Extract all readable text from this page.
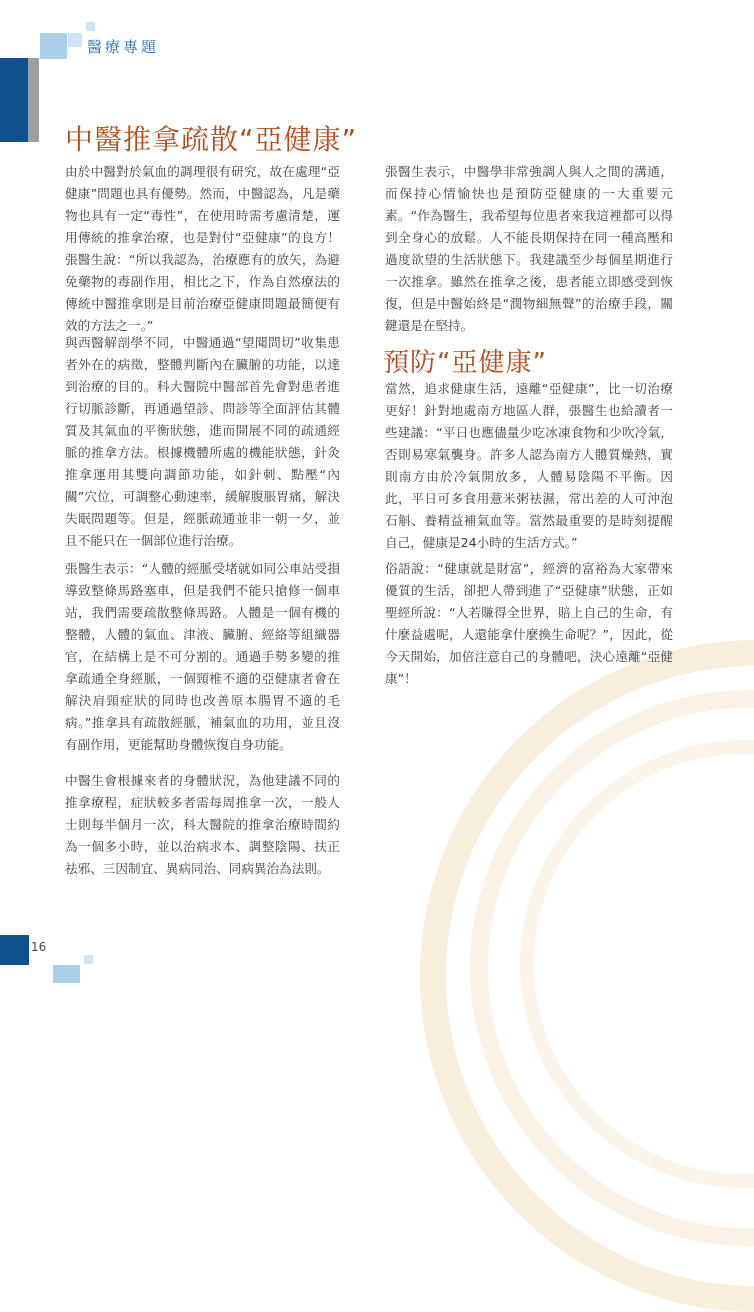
醫療專題
中醫推拿疏散“亞健康”

由於中醫對於氣血的調理很有研究，故在處理“亞健康”問題也具有優勢。然而，中醫認為，凡是藥物也具有一定“毒性”，在使用時需考慮清楚，運用傳統的推拿治療，也是對付“亞健康”的良方！張醫生說：“所以我認為，治療應有的放矢，為避免藥物的毒副作用，相比之下，作為自然療法的傳統中醫推拿則是目前治療亞健康問題最簡便有效的方法之一。”

與西醫解剖學不同，中醫通過“望聞問切”收集患者外在的病徵，整體判斷內在臟腑的功能，以達到治療的目的。科大醫院中醫部首先會對患者進行切脈診斷，再通過望診、問診等全面評估其體質及其氣血的平衡狀態，進而開展不同的疏通經脈的推拿方法。根據機體所處的機能狀態，針灸推拿運用其雙向調節功能，如針刺、點壓“內關”穴位，可調整心動速率，緩解腹脹胃痛，解決失眠問題等。但是，經脈疏通並非一朝一夕，並且不能只在一個部位進行治療。

張醫生表示：“人體的經脈受堵就如同公車站受損導致整條馬路塞車，但是我們不能只搶修一個車站，我們需要疏散整條馬路。人體是一個有機的整體，人體的氣血、津液、臟腑、經絡等組織器官，在結構上是不可分割的。通過手勢多變的推拿疏通全身經脈，一個頸椎不適的亞健康者會在解決肩頸症狀的同時也改善原本腸胃不適的毛病。”推拿具有疏散經脈，補氣血的功用，並且沒有副作用，更能幫助身體恢復自身功能。

中醫生會根據來者的身體狀況，為他建議不同的推拿療程，症狀較多者需每周推拿一次，一般人士則每半個月一次，科大醫院的推拿治療時間約為一個多小時，並以治病求本、調整陰陽、扶正祛邪、三因制宜、異病同治、同病異治為法則。

張醫生表示，中醫學非常強調人與人之間的溝通，而保持心情愉快也是預防亞健康的一大重要元素。“作為醫生，我希望每位患者來我這裡都可以得到全身心的放鬆。人不能長期保持在同一種高壓和過度欲望的生活狀態下。我建議至少每個星期進行一次推拿。雖然在推拿之後，患者能立即感受到恢復，但是中醫始終是“潤物細無聲”的治療手段，關鍵還是在堅持。

預防“亞健康”

當然，追求健康生活，遠離“亞健康”，比一切治療更好！針對地處南方地區人群，張醫生也給讀者一些建議：“平日也應儘量少吃冰凍食物和少吹冷氣，否則易寒氣襲身。許多人認為南方人體質燥熱，實則南方由於冷氣開放多，人體易陰陽不平衡。因此，平日可多食用薏米粥袪濕，常出差的人可沖泡石斛、養精益補氣血等。當然最重要的是時刻提醒自己，健康是24小時的生活方式。”

俗語說：“健康就是財富”，經濟的富裕為大家帶來優質的生活，卻把人帶到進了“亞健康”狀態，正如聖經所說：“人若賺得全世界，賠上自己的生命，有什麼益處呢，人還能拿什麼換生命呢？”，因此，從今天開始，加倍注意自己的身體吧，決心遠離“亞健康”！

16
